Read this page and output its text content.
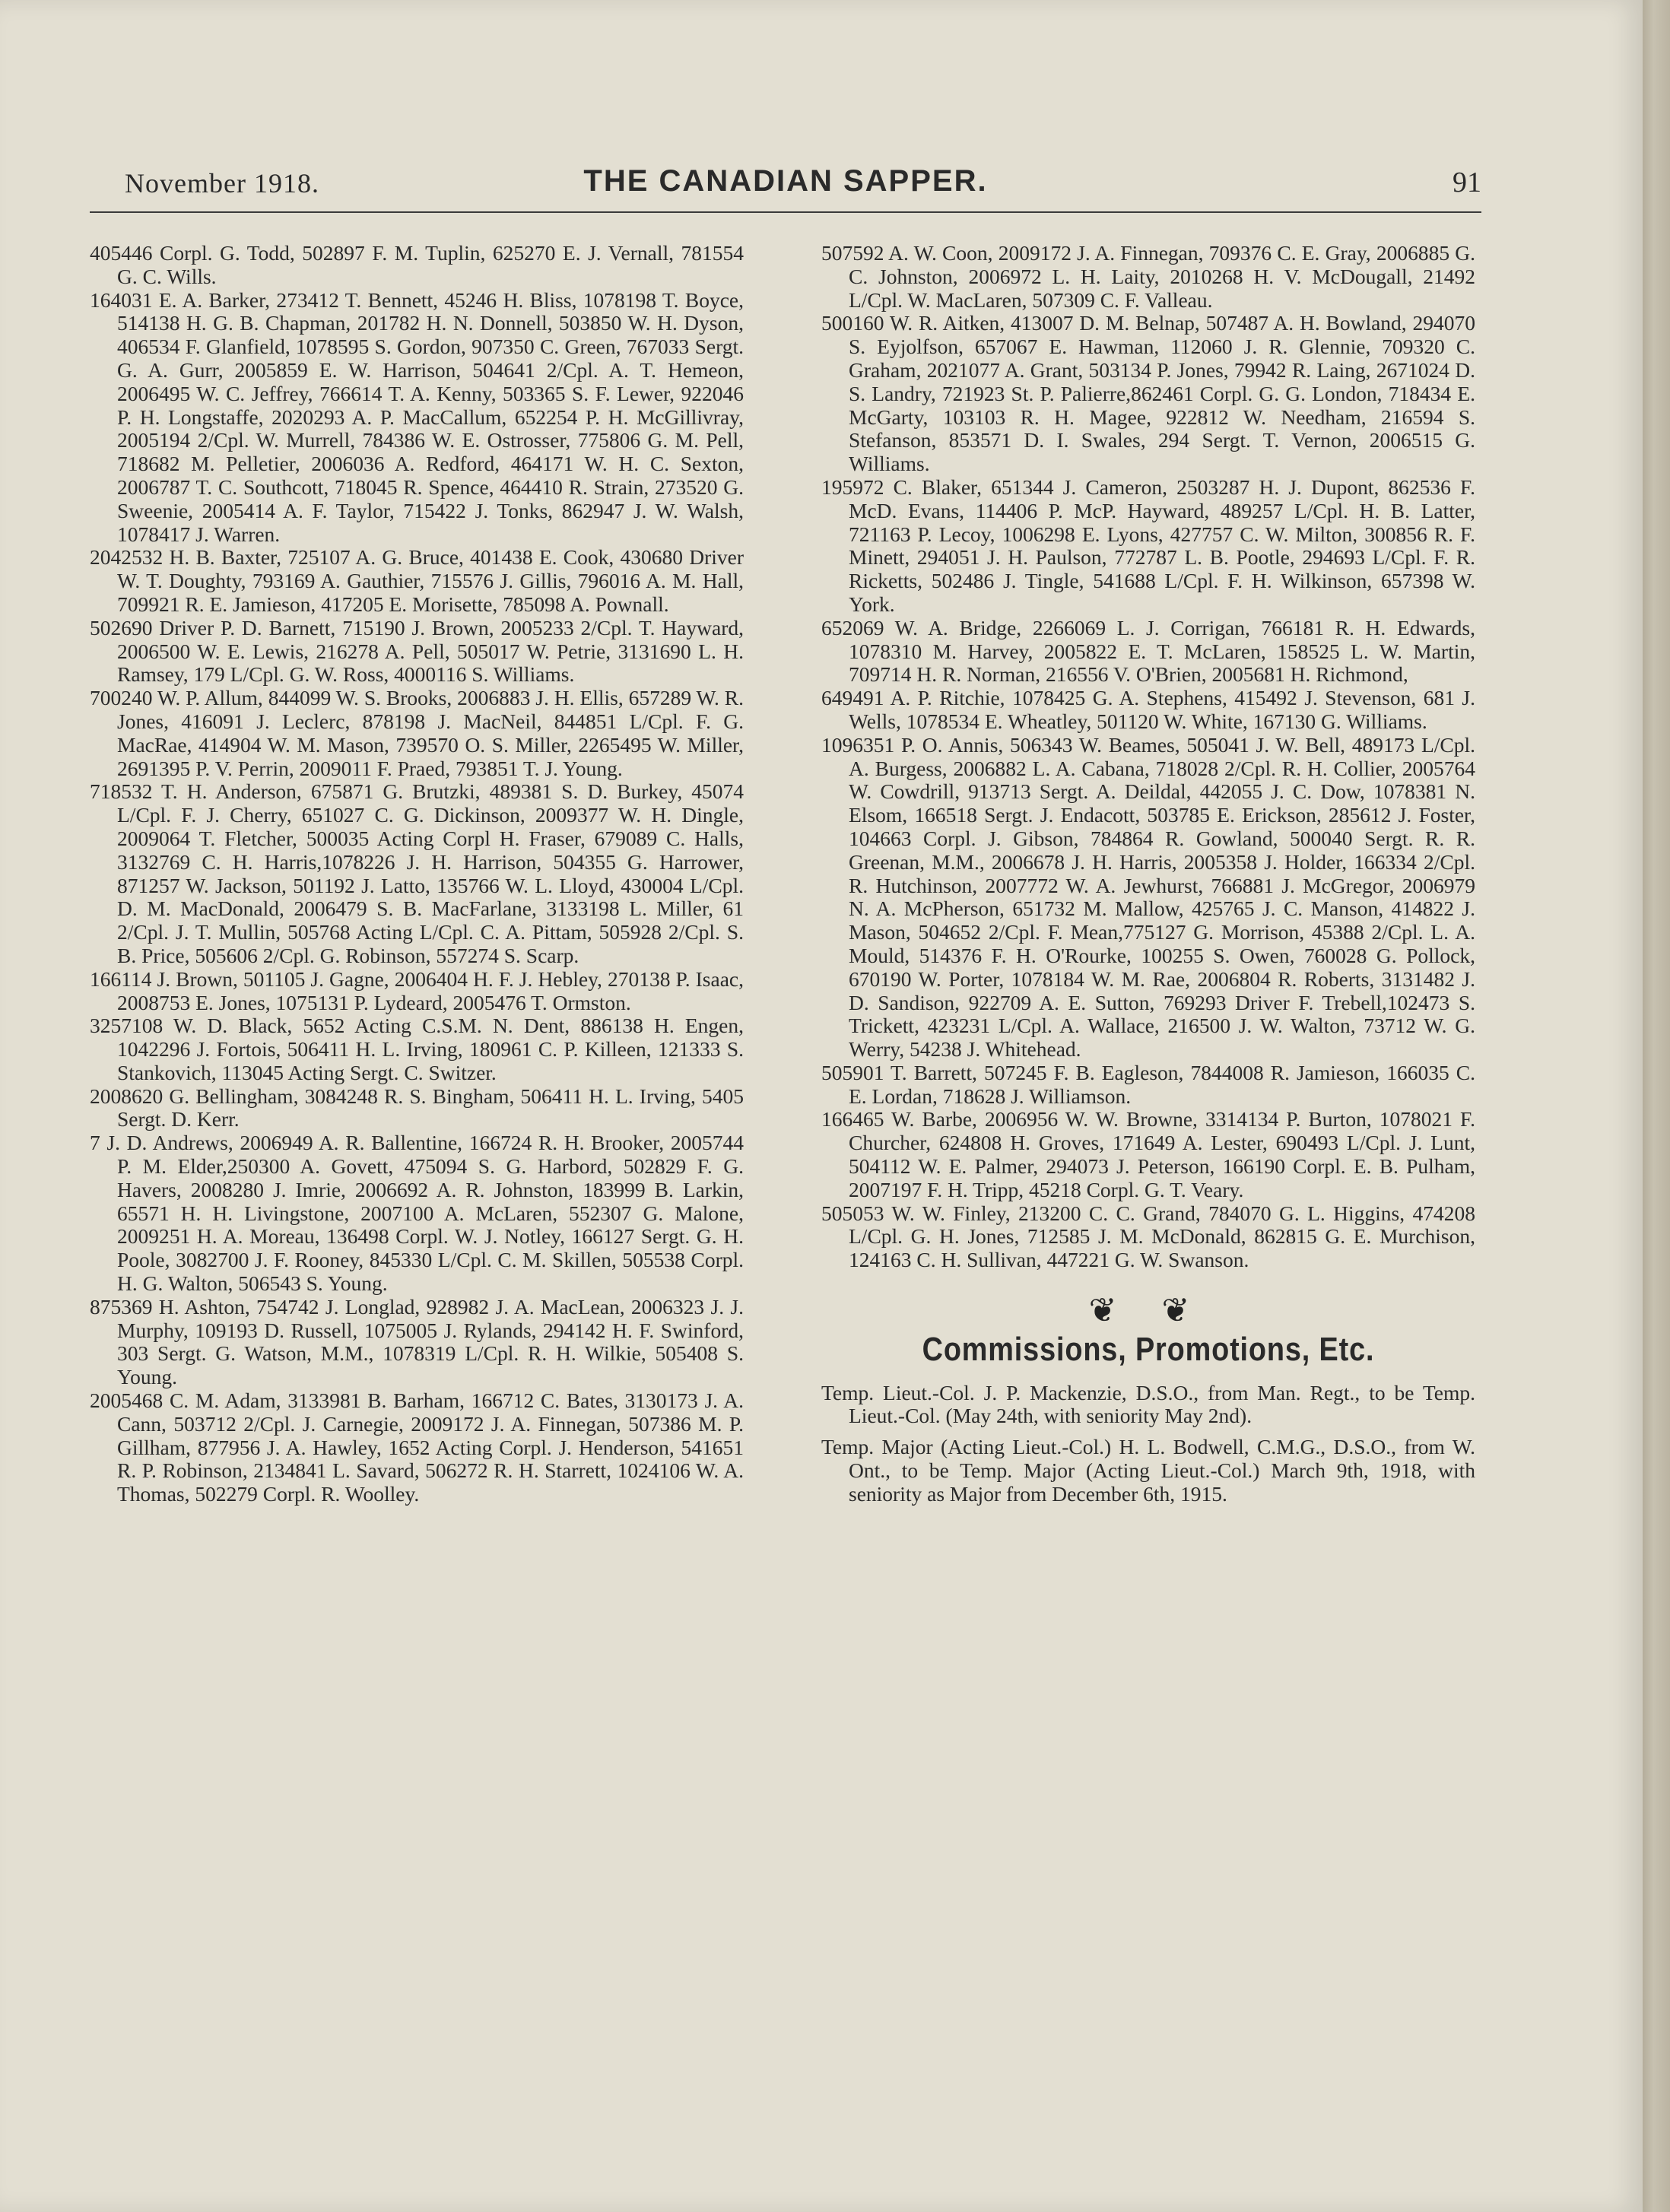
November 1918.	THE CANADIAN SAPPER.	91

405446 Corpl. G. Todd, 502897 F. M. Tuplin, 625270 E. J. Vernall, 781554 G. C. Wills.

164031 E. A. Barker, 273412 T. Bennett, 45246 H. Bliss, 1078198 T. Boyce, 514138 H. G. B. Chapman, 201782 H. N. Donnell, 503850 W. H. Dyson, 406534 F. Glanfield, 1078595 S. Gordon, 907350 C. Green, 767033 Sergt. G. A. Gurr, 2005859 E. W. Harrison, 504641 2/Cpl. A. T. Hemeon, 2006495 W. C. Jeffrey, 766614 T. A. Kenny, 503365 S. F. Lewer, 922046 P. H. Longstaffe, 2020293 A. P. MacCallum, 652254 P. H. McGillivray, 2005194 2/Cpl. W. Murrell, 784386 W. E. Ostrosser, 775806 G. M. Pell, 718682 M. Pelletier, 2006036 A. Redford, 464171 W. H. C. Sexton, 2006787 T. C. Southcott, 718045 R. Spence, 464410 R. Strain, 273520 G. Sweenie, 2005414 A. F. Taylor, 715422 J. Tonks, 862947 J. W. Walsh, 1078417 J. Warren.

2042532 H. B. Baxter, 725107 A. G. Bruce, 401438 E. Cook, 430680 Driver W. T. Doughty, 793169 A. Gauthier, 715576 J. Gillis, 796016 A. M. Hall, 709921 R. E. Jamieson, 417205 E. Morisette, 785098 A. Pownall.

502690 Driver P. D. Barnett, 715190 J. Brown, 2005233 2/Cpl. T. Hayward, 2006500 W. E. Lewis, 216278 A. Pell, 505017 W. Petrie, 3131690 L. H. Ramsey, 179 L/Cpl. G. W. Ross, 4000116 S. Williams.

700240 W. P. Allum, 844099 W. S. Brooks, 2006883 J. H. Ellis, 657289 W. R. Jones, 416091 J. Leclerc, 878198 J. MacNeil, 844851 L/Cpl. F. G. MacRae, 414904 W. M. Mason, 739570 O. S. Miller, 2265495 W. Miller, 2691395 P. V. Perrin, 2009011 F. Praed, 793851 T. J. Young.

718532 T. H. Anderson, 675871 G. Brutzki, 489381 S. D. Burkey, 45074 L/Cpl. F. J. Cherry, 651027 C. G. Dickinson, 2009377 W. H. Dingle, 2009064 T. Fletcher, 500035 Acting Corpl H. Fraser, 679089 C. Halls, 3132769 C. H. Harris,1078226 J. H. Harrison, 504355 G. Harrower, 871257 W. Jackson, 501192 J. Latto, 135766 W. L. Lloyd, 430004 L/Cpl. D. M. MacDonald, 2006479 S. B. MacFarlane, 3133198 L. Miller, 61 2/Cpl. J. T. Mullin, 505768 Acting L/Cpl. C. A. Pittam, 505928 2/Cpl. S. B. Price, 505606 2/Cpl. G. Robinson, 557274 S. Scarp.

166114 J. Brown, 501105 J. Gagne, 2006404 H. F. J. Hebley, 270138 P. Isaac, 2008753 E. Jones, 1075131 P. Lydeard, 2005476 T. Ormston.

3257108 W. D. Black, 5652 Acting C.S.M. N. Dent, 886138 H. Engen, 1042296 J. Fortois, 506411 H. L. Irving, 180961 C. P. Killeen, 121333 S. Stankovich, 113045 Acting Sergt. C. Switzer.

2008620 G. Bellingham, 3084248 R. S. Bingham, 506411 H. L. Irving, 5405 Sergt. D. Kerr.

7 J. D. Andrews, 2006949 A. R. Ballentine, 166724 R. H. Brooker, 2005744 P. M. Elder,250300 A. Govett, 475094 S. G. Harbord, 502829 F. G. Havers, 2008280 J. Imrie, 2006692 A. R. Johnston, 183999 B. Larkin, 65571 H. H. Livingstone, 2007100 A. McLaren, 552307 G. Malone, 2009251 H. A. Moreau, 136498 Corpl. W. J. Notley, 166127 Sergt. G. H. Poole, 3082700 J. F. Rooney, 845330 L/Cpl. C. M. Skillen, 505538 Corpl. H. G. Walton, 506543 S. Young.

875369 H. Ashton, 754742 J. Longlad, 928982 J. A. MacLean, 2006323 J. J. Murphy, 109193 D. Russell, 1075005 J. Rylands, 294142 H. F. Swinford, 303 Sergt. G. Watson, M.M., 1078319 L/Cpl. R. H. Wilkie, 505408 S. Young.

2005468 C. M. Adam, 3133981 B. Barham, 166712 C. Bates, 3130173 J. A. Cann, 503712 2/Cpl. J. Carnegie, 2009172 J. A. Finnegan, 507386 M. P. Gillham, 877956 J. A. Hawley, 1652 Acting Corpl. J. Henderson, 541651 R. P. Robinson, 2134841 L. Savard, 506272 R. H. Starrett, 1024106 W. A. Thomas, 502279 Corpl. R. Woolley.

507592 A. W. Coon, 2009172 J. A. Finnegan, 709376 C. E. Gray, 2006885 G. C. Johnston, 2006972 L. H. Laity, 2010268 H. V. McDougall, 21492 L/Cpl. W. MacLaren, 507309 C. F. Valleau.

500160 W. R. Aitken, 413007 D. M. Belnap, 507487 A. H. Bowland, 294070 S. Eyjolfson, 657067 E. Hawman, 112060 J. R. Glennie, 709320 C. Graham, 2021077 A. Grant, 503134 P. Jones, 79942 R. Laing, 2671024 D. S. Landry, 721923 St. P. Palierre,862461 Corpl. G. G. London, 718434 E. McGarty, 103103 R. H. Magee, 922812 W. Needham, 216594 S. Stefanson, 853571 D. I. Swales, 294 Sergt. T. Vernon, 2006515 G. Williams.

195972 C. Blaker, 651344 J. Cameron, 2503287 H. J. Dupont, 862536 F. McD. Evans, 114406 P. McP. Hayward, 489257 L/Cpl. H. B. Latter, 721163 P. Lecoy, 1006298 E. Lyons, 427757 C. W. Milton, 300856 R. F. Minett, 294051 J. H. Paulson, 772787 L. B. Pootle, 294693 L/Cpl. F. R. Ricketts, 502486 J. Tingle, 541688 L/Cpl. F. H. Wilkinson, 657398 W. York.

652069 W. A. Bridge, 2266069 L. J. Corrigan, 766181 R. H. Edwards, 1078310 M. Harvey, 2005822 E. T. McLaren, 158525 L. W. Martin, 709714 H. R. Norman, 216556 V. O'Brien, 2005681 H. Richmond,

649491 A. P. Ritchie, 1078425 G. A. Stephens, 415492 J. Stevenson, 681 J. Wells, 1078534 E. Wheatley, 501120 W. White, 167130 G. Williams.

1096351 P. O. Annis, 506343 W. Beames, 505041 J. W. Bell, 489173 L/Cpl. A. Burgess, 2006882 L. A. Cabana, 718028 2/Cpl. R. H. Collier, 2005764 W. Cowdrill, 913713 Sergt. A. Deildal, 442055 J. C. Dow, 1078381 N. Elsom, 166518 Sergt. J. Endacott, 503785 E. Erickson, 285612 J. Foster, 104663 Corpl. J. Gibson, 784864 R. Gowland, 500040 Sergt. R. R. Greenan, M.M., 2006678 J. H. Harris, 2005358 J. Holder, 166334 2/Cpl. R. Hutchinson, 2007772 W. A. Jewhurst, 766881 J. McGregor, 2006979 N. A. McPherson, 651732 M. Mallow, 425765 J. C. Manson, 414822 J. Mason, 504652 2/Cpl. F. Mean,775127 G. Morrison, 45388 2/Cpl. L. A. Mould, 514376 F. H. O'Rourke, 100255 S. Owen, 760028 G. Pollock, 670190 W. Porter, 1078184 W. M. Rae, 2006804 R. Roberts, 3131482 J. D. Sandison, 922709 A. E. Sutton, 769293 Driver F. Trebell,102473 S. Trickett, 423231 L/Cpl. A. Wallace, 216500 J. W. Walton, 73712 W. G. Werry, 54238 J. Whitehead.

505901 T. Barrett, 507245 F. B. Eagleson, 7844008 R. Jamieson, 166035 C. E. Lordan, 718628 J. Williamson.

166465 W. Barbe, 2006956 W. W. Browne, 3314134 P. Burton, 1078021 F. Churcher, 624808 H. Groves, 171649 A. Lester, 690493 L/Cpl. J. Lunt, 504112 W. E. Palmer, 294073 J. Peterson, 166190 Corpl. E. B. Pulham, 2007197 F. H. Tripp, 45218 Corpl. G. T. Veary.

505053 W. W. Finley, 213200 C. C. Grand, 784070 G. L. Higgins, 474208 L/Cpl. G. H. Jones, 712585 J. M. McDonald, 862815 G. E. Murchison, 124163 C. H. Sullivan, 447221 G. W. Swanson.

❦ ❦
Commissions, Promotions, Etc.

Temp. Lieut.-Col. J. P. Mackenzie, D.S.O., from Man. Regt., to be Temp. Lieut.-Col. (May 24th, with seniority May 2nd).

Temp. Major (Acting Lieut.-Col.) H. L. Bodwell, C.M.G., D.S.O., from W. Ont., to be Temp. Major (Acting Lieut.-Col.) March 9th, 1918, with seniority as Major from December 6th, 1915.
